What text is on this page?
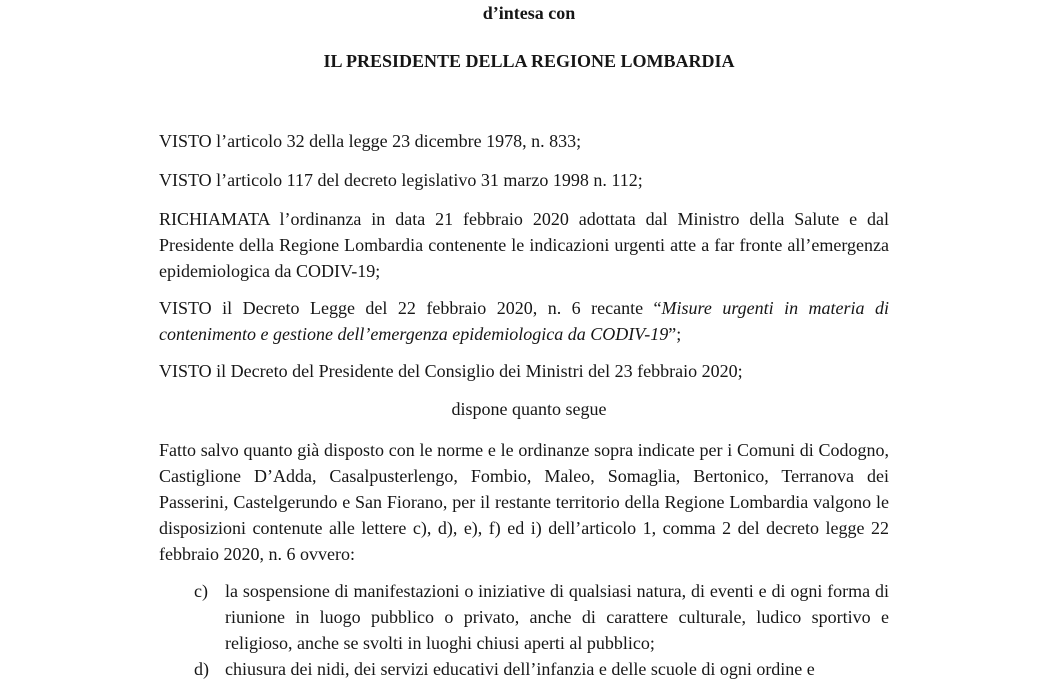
d’intesa con
IL PRESIDENTE DELLA REGIONE LOMBARDIA

VISTO l’articolo 32 della legge 23 dicembre 1978, n. 833;

VISTO l’articolo 117 del decreto legislativo 31 marzo 1998 n. 112;

RICHIAMATA l’ordinanza in data 21 febbraio 2020 adottata dal Ministro della Salute e dal Presidente della Regione Lombardia contenente le indicazioni urgenti atte a far fronte all’emergenza epidemiologica da CODIV-19;

VISTO il Decreto Legge del 22 febbraio 2020, n. 6 recante “Misure urgenti in materia di contenimento e gestione dell’emergenza epidemiologica da CODIV-19”;

VISTO il Decreto del Presidente del Consiglio dei Ministri del 23 febbraio 2020;

dispone quanto segue

Fatto salvo quanto già disposto con le norme e le ordinanze sopra indicate per i Comuni di Codogno, Castiglione D’Adda, Casalpusterlengo, Fombio, Maleo, Somaglia, Bertonico, Terranova dei Passerini, Castelgerundo e San Fiorano, per il restante territorio della Regione Lombardia valgono le disposizioni contenute alle lettere c), d), e), f) ed i) dell’articolo 1, comma 2 del decreto legge 22 febbraio 2020, n. 6 ovvero:

c) la sospensione di manifestazioni o iniziative di qualsiasi natura, di eventi e di ogni forma di riunione in luogo pubblico o privato, anche di carattere culturale, ludico sportivo e religioso, anche se svolti in luoghi chiusi aperti al pubblico;
d) chiusura dei nidi, dei servizi educativi dell’infanzia e delle scuole di ogni ordine e
